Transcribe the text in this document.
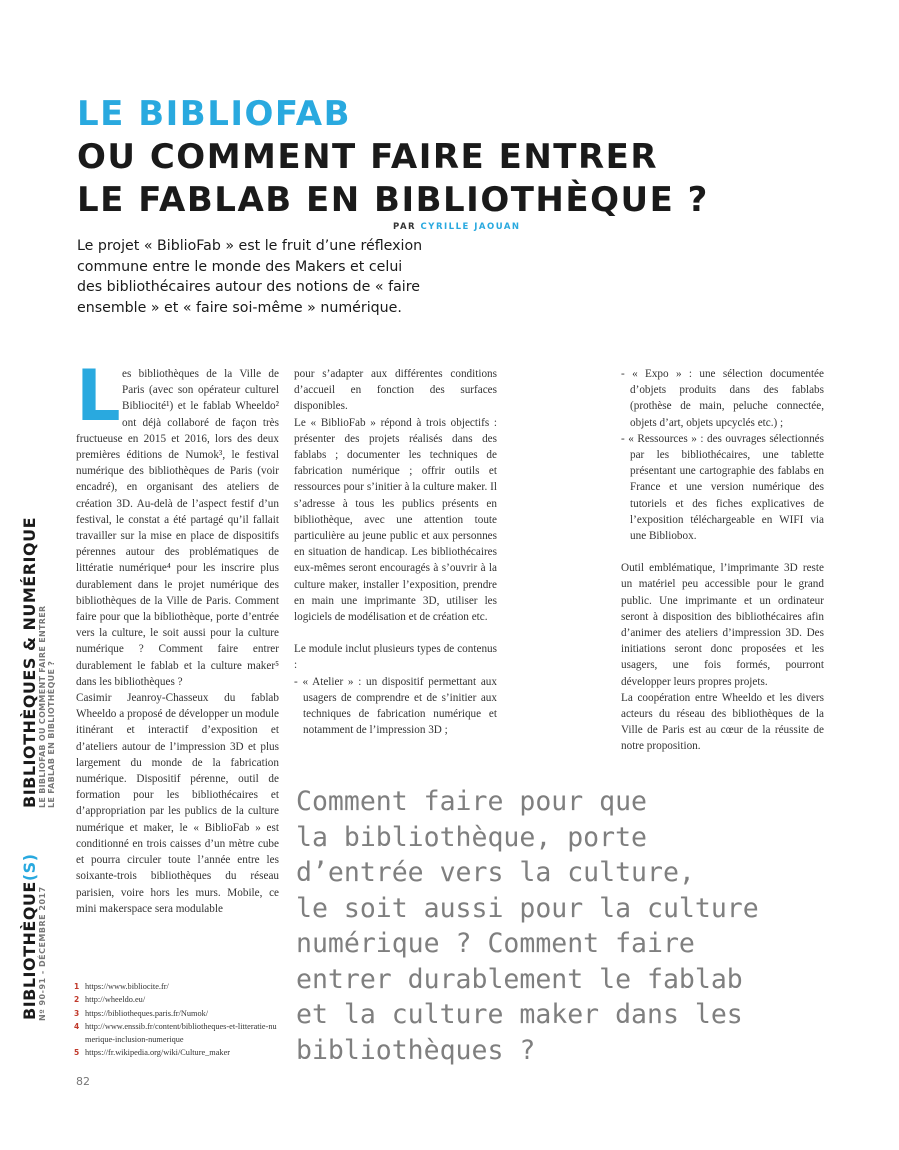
LE BIBLIOFAB
OU COMMENT FAIRE ENTRER
LE FABLAB EN BIBLIOTHÈQUE ?
PAR CYRILLE JAOUAN

Le projet « BiblioFab » est le fruit d’une réflexion

commune entre le monde des Makers et celui

des bibliothécaires autour des notions de « faire

ensemble » et « faire soi-même » numérique.

L es bibliothèques de la Ville de Paris (avec son opérateur culturel Bibliocité¹) et le fablab Wheeldo² ont déjà collaboré de façon très fructueuse en 2015 et 2016, lors des deux premières éditions de Numok³, le festival numérique des bibliothèques de Paris (voir encadré), en organisant des ateliers de création 3D. Au-delà de l’aspect festif d’un festival, le constat a été partagé qu’il fallait travailler sur la mise en place de dispositifs pérennes autour des problématiques de littératie numérique⁴ pour les inscrire plus durablement dans le projet numérique des bibliothèques de la Ville de Paris. Comment faire pour que la bibliothèque, porte d’entrée vers la culture, le soit aussi pour la culture numérique ? Comment faire entrer durablement le fablab et la culture maker⁵ dans les bibliothèques ?

Casimir Jeanroy-Chasseux du fablab Wheeldo a proposé de développer un module itinérant et interactif d’exposition et d’ateliers autour de l’impression 3D et plus largement du monde de la fabrication numérique. Dispositif pérenne, outil de formation pour les bibliothécaires et d’appropriation par les publics de la culture numérique et maker, le « BiblioFab » est conditionné en trois caisses d’un mètre cube et pourra circuler toute l’année entre les soixante-trois bibliothèques du réseau parisien, voire hors les murs. Mobile, ce mini makerspace sera modulable

pour s’adapter aux différentes conditions d’accueil en fonction des surfaces disponibles.

Le « BiblioFab » répond à trois objectifs : présenter des projets réalisés dans des fablabs ; documenter les techniques de fabrication numérique ; offrir outils et ressources pour s’initier à la culture maker. Il s’adresse à tous les publics présents en bibliothèque, avec une attention toute particulière au jeune public et aux personnes en situation de handicap. Les bibliothécaires eux-mêmes seront encouragés à s’ouvrir à la culture maker, installer l’exposition, prendre en main une imprimante 3D, utiliser les logiciels de modélisation et de création etc.

Le module inclut plusieurs types de contenus :

- « Atelier » : un dispositif permettant aux usagers de comprendre et de s’initier aux techniques de fabrication numérique et notamment de l’impression 3D ;

- « Expo » : une sélection documentée d’objets produits dans des fablabs (prothèse de main, peluche connectée, objets d’art, objets upcyclés etc.) ;

- « Ressources » : des ouvrages sélectionnés par les bibliothécaires, une tablette présentant une cartographie des fablabs en France et une version numérique des tutoriels et des fiches explicatives de l’exposition téléchargeable en WIFI via une Bibliobox.

Outil emblématique, l’imprimante 3D reste un matériel peu accessible pour le grand public. Une imprimante et un ordinateur seront à disposition des bibliothécaires afin d’animer des ateliers d’impression 3D. Des initiations seront donc proposées et les usagers, une fois formés, pourront développer leurs propres projets.

La coopération entre Wheeldo et les divers acteurs du réseau des bibliothèques de la Ville de Paris est au cœur de la réussite de notre proposition.

Comment faire pour que

la bibliothèque, porte

d’entrée vers la culture,

le soit aussi pour la culture

numérique ? Comment faire

entrer durablement le fablab

et la culture maker dans les

bibliothèques ?

1 https://www.bibliocite.fr/
2 http://wheeldo.eu/
3 https://bibliotheques.paris.fr/Numok/
4 http://www.enssib.fr/content/bibliotheques-et-litteratie-numerique-inclusion-numerique
5 https://fr.wikipedia.org/wiki/Culture_maker
82
BIBLIOTHÈQUE(S)
Nº 90-91 - DÉCEMBRE 2017
BIBLIOTHÈQUES & NUMÉRIQUE LE BIBLIOFAB OU COMMENT FAIRE ENTRER LE FABLAB EN BIBLIOTHÈQUE ?
